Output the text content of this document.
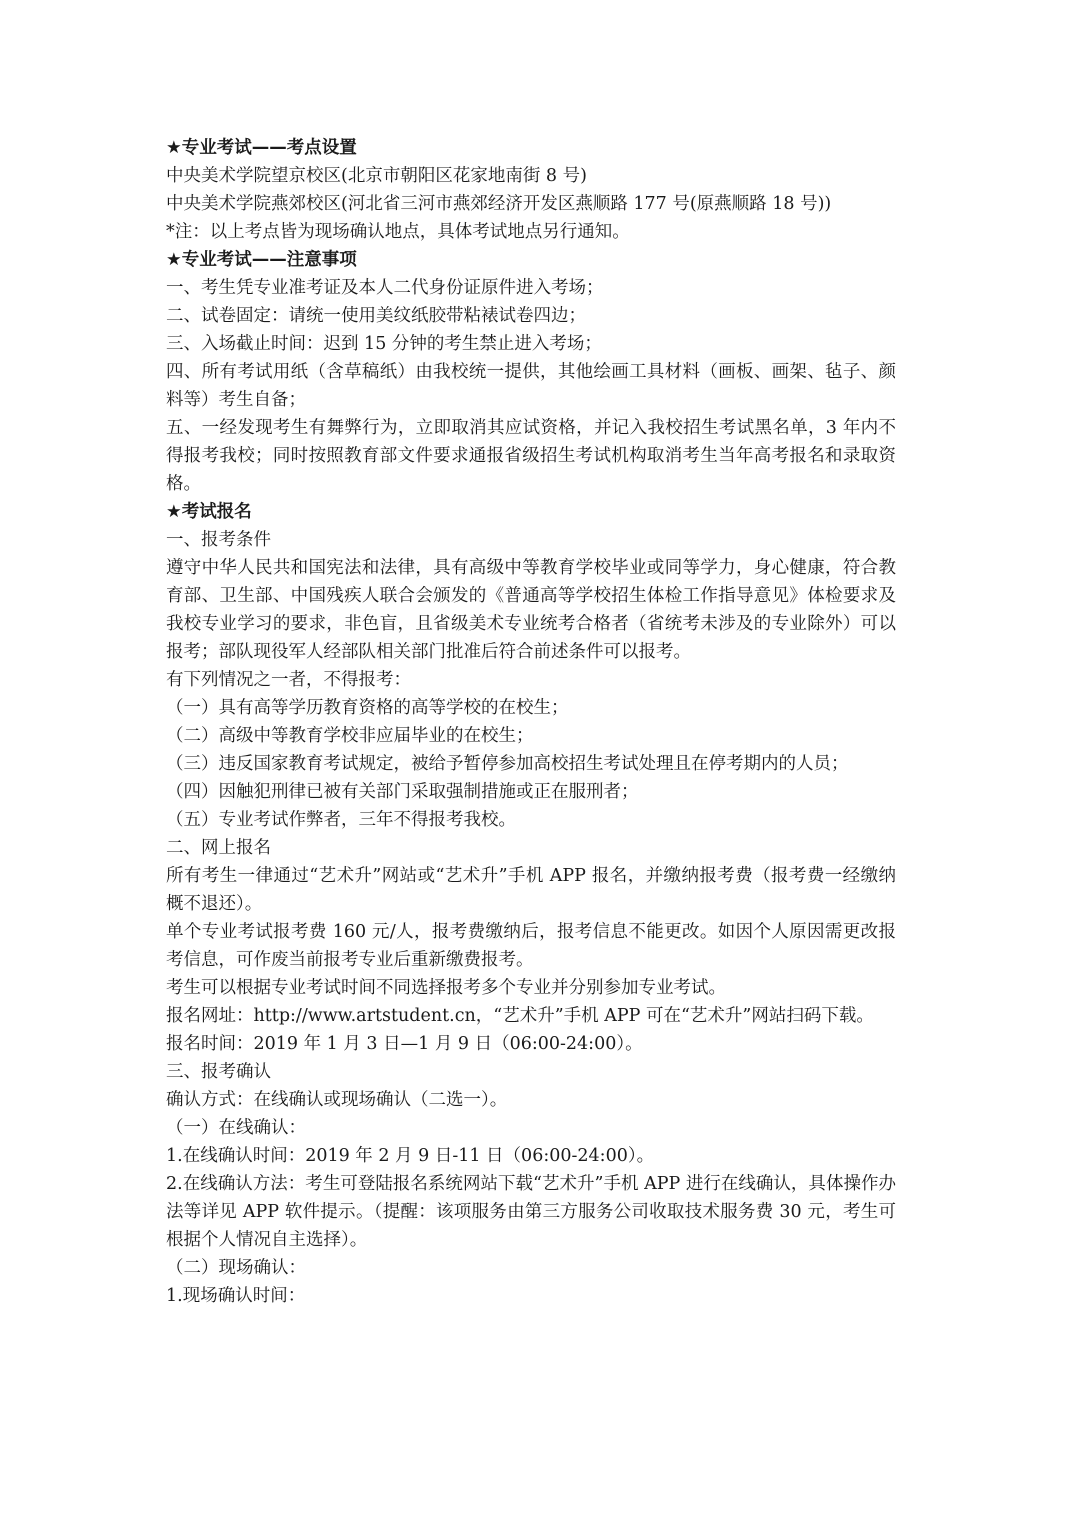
★专业考试——考点设置

中央美术学院望京校区(北京市朝阳区花家地南街 8 号)

中央美术学院燕郊校区(河北省三河市燕郊经济开发区燕顺路 177 号(原燕顺路 18 号))

*注：以上考点皆为现场确认地点，具体考试地点另行通知。

★专业考试——注意事项

一、考生凭专业准考证及本人二代身份证原件进入考场；

二、试卷固定：请统一使用美纹纸胶带粘裱试卷四边；

三、入场截止时间：迟到 15 分钟的考生禁止进入考场；

四、所有考试用纸（含草稿纸）由我校统一提供，其他绘画工具材料（画板、画架、毡子、颜料等）考生自备；

五、一经发现考生有舞弊行为，立即取消其应试资格，并记入我校招生考试黑名单，3 年内不得报考我校；同时按照教育部文件要求通报省级招生考试机构取消考生当年高考报名和录取资格。

★考试报名

一、报考条件

遵守中华人民共和国宪法和法律，具有高级中等教育学校毕业或同等学力，身心健康，符合教育部、卫生部、中国残疾人联合会颁发的《普通高等学校招生体检工作指导意见》体检要求及我校专业学习的要求，非色盲，且省级美术专业统考合格者（省统考未涉及的专业除外）可以报考；部队现役军人经部队相关部门批准后符合前述条件可以报考。

有下列情况之一者，不得报考：

（一）具有高等学历教育资格的高等学校的在校生；

（二）高级中等教育学校非应届毕业的在校生；

（三）违反国家教育考试规定，被给予暂停参加高校招生考试处理且在停考期内的人员；

（四）因触犯刑律已被有关部门采取强制措施或正在服刑者；

（五）专业考试作弊者，三年不得报考我校。

二、网上报名

所有考生一律通过“艺术升”网站或“艺术升”手机 APP 报名，并缴纳报考费（报考费一经缴纳概不退还）。

单个专业考试报考费 160 元/人，报考费缴纳后，报考信息不能更改。如因个人原因需更改报考信息，可作废当前报考专业后重新缴费报考。

考生可以根据专业考试时间不同选择报考多个专业并分别参加专业考试。

报名网址：http://www.artstudent.cn，“艺术升”手机 APP 可在“艺术升”网站扫码下载。

报名时间：2019 年 1 月 3 日—1 月 9 日（06:00-24:00）。

三、报考确认

确认方式：在线确认或现场确认（二选一）。

（一）在线确认：

1.在线确认时间：2019 年 2 月 9 日-11 日（06:00-24:00）。

2.在线确认方法：考生可登陆报名系统网站下载“艺术升”手机 APP 进行在线确认，具体操作办法等详见 APP 软件提示。（提醒：该项服务由第三方服务公司收取技术服务费 30 元，考生可根据个人情况自主选择）。

（二）现场确认：

1.现场确认时间：
